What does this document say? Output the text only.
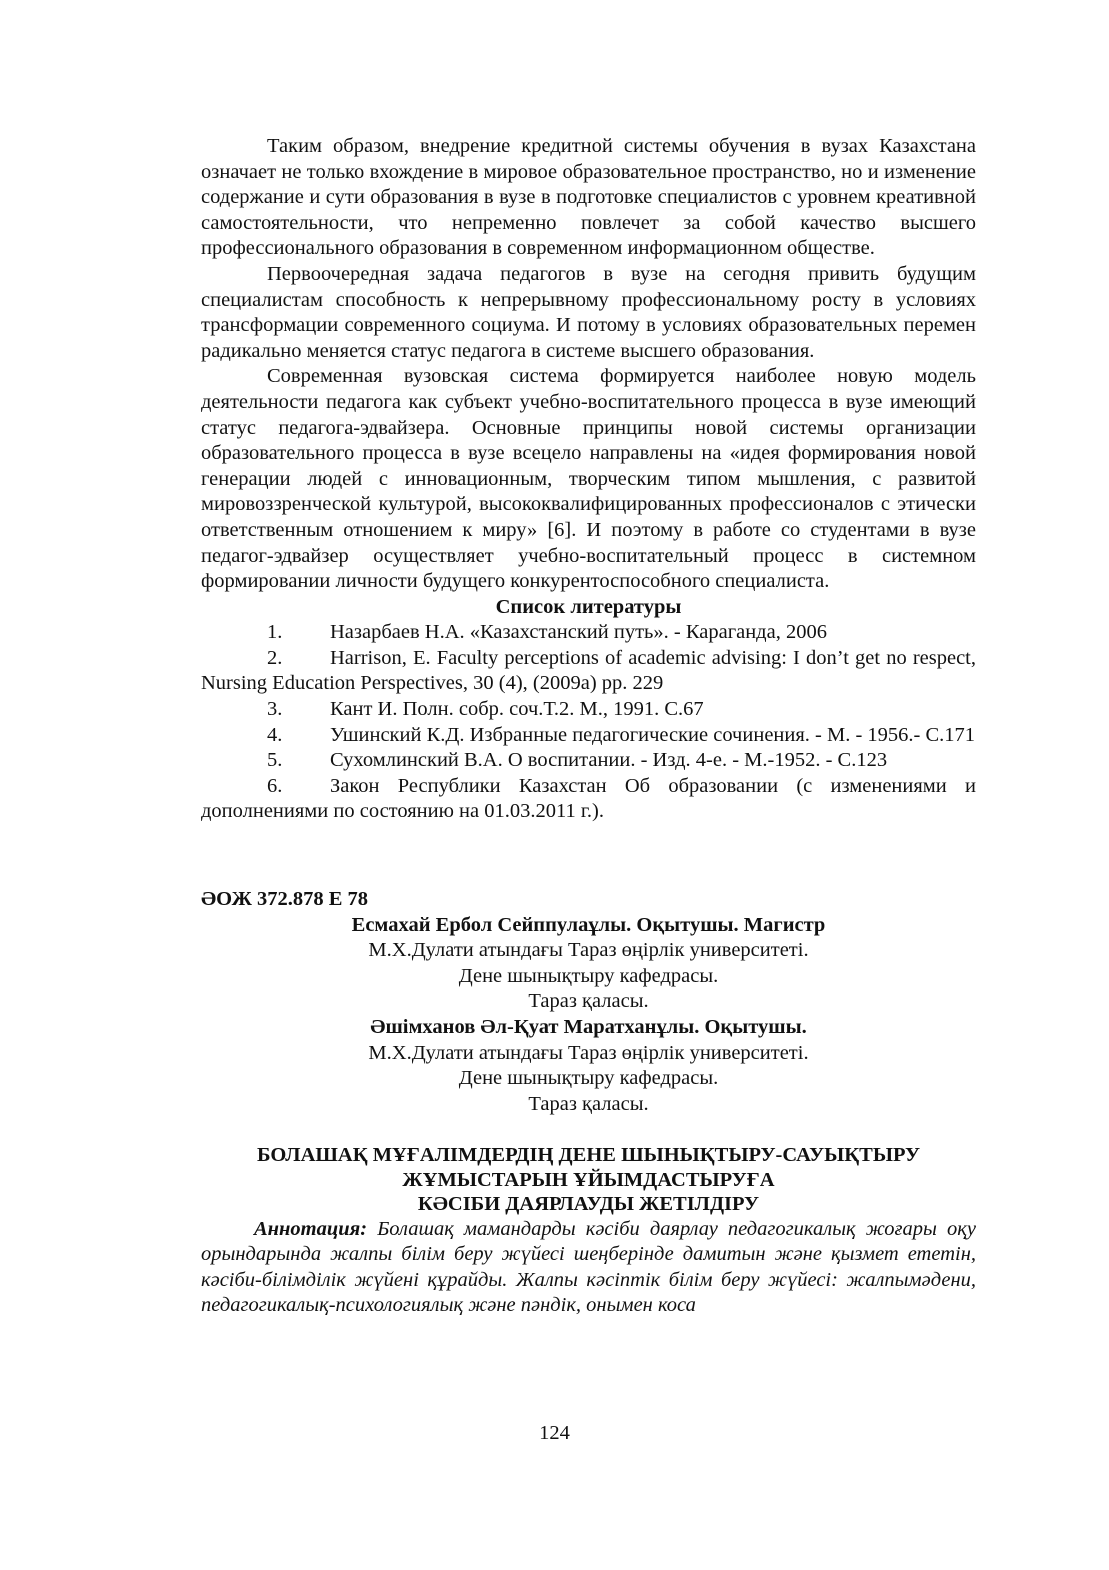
Таким образом, внедрение кредитной системы обучения в вузах Казахстана означает не только вхождение в мировое образовательное пространство, но и изменение содержание и сути образования в вузе в подготовке специалистов с уровнем креативной самостоятельности, что непременно повлечет за собой качество высшего профессионального образования в современном информационном обществе.

Первоочередная задача педагогов в вузе на сегодня привить будущим специалистам способность к непрерывному профессиональному росту в условиях трансформации современного социума. И потому в условиях образовательных перемен радикально меняется статус педагога в системе высшего образования.

Современная вузовская система формируется наиболее новую модель деятельности педагога как субъект учебно-воспитательного процесса в вузе имеющий статус педагога-эдвайзера. Основные принципы новой системы организации образовательного процесса в вузе всецело направлены на «идея формирования новой генерации людей с инновационным, творческим типом мышления, с развитой мировоззренческой культурой, высококвалифицированных профессионалов с этически ответственным отношением к миру» [6]. И поэтому в работе со студентами в вузе педагог-эдвайзер осуществляет учебно-воспитательный процесс в системном формировании личности будущего конкурентоспособного специалиста.

Список литературы

1. Назарбаев Н.А. «Казахстанский путь». - Караганда, 2006

2. Harrison, E. Faculty perceptions of academic advising: I don’t get no respect, Nursing Education Perspectives, 30 (4), (2009a) pp. 229

3. Кант И. Полн. собр. соч.Т.2. М., 1991. С.67

4. Ушинский К.Д. Избранные педагогические сочинения. - М. - 1956.- С.171

5. Сухомлинский В.А. О воспитании. - Изд. 4-е. - М.-1952. - С.123

6. Закон Республики Казахстан Об образовании (с изменениями и дополнениями по состоянию на 01.03.2011 г.).

ӘОЖ 372.878 Е 78

Есмахай Ербол Сейппулаұлы. Оқытушы. Магистр

М.Х.Дулати атындағы Тараз өңірлік университеті.

Дене шынықтыру кафедрасы.

Тараз қаласы.

Әшімханов Әл-Қуат Маратханұлы. Оқытушы.

М.Х.Дулати атындағы Тараз өңірлік университеті.

Дене шынықтыру кафедрасы.

Тараз қаласы.

БОЛАШАҚ МҰҒАЛІМДЕРДІҢ ДЕНЕ ШЫНЫҚТЫРУ-САУЫҚТЫРУ

ЖҰМЫСТАРЫН ҰЙЫМДАСТЫРУҒА

КӘСІБИ ДАЯРЛАУДЫ ЖЕТІЛДІРУ

Аннотация: Болашақ мамандарды кәсіби даярлау педагогикалық жоғары оқу орындарында жалпы білім беру жүйесі шеңберінде дамитын және қызмет ететін, кәсіби-білімділік жүйені құрайды. Жалпы кәсіптік білім беру жүйесі: жалпымәдени, педагогикалық-психологиялық және пәндік, онымен коса

124
